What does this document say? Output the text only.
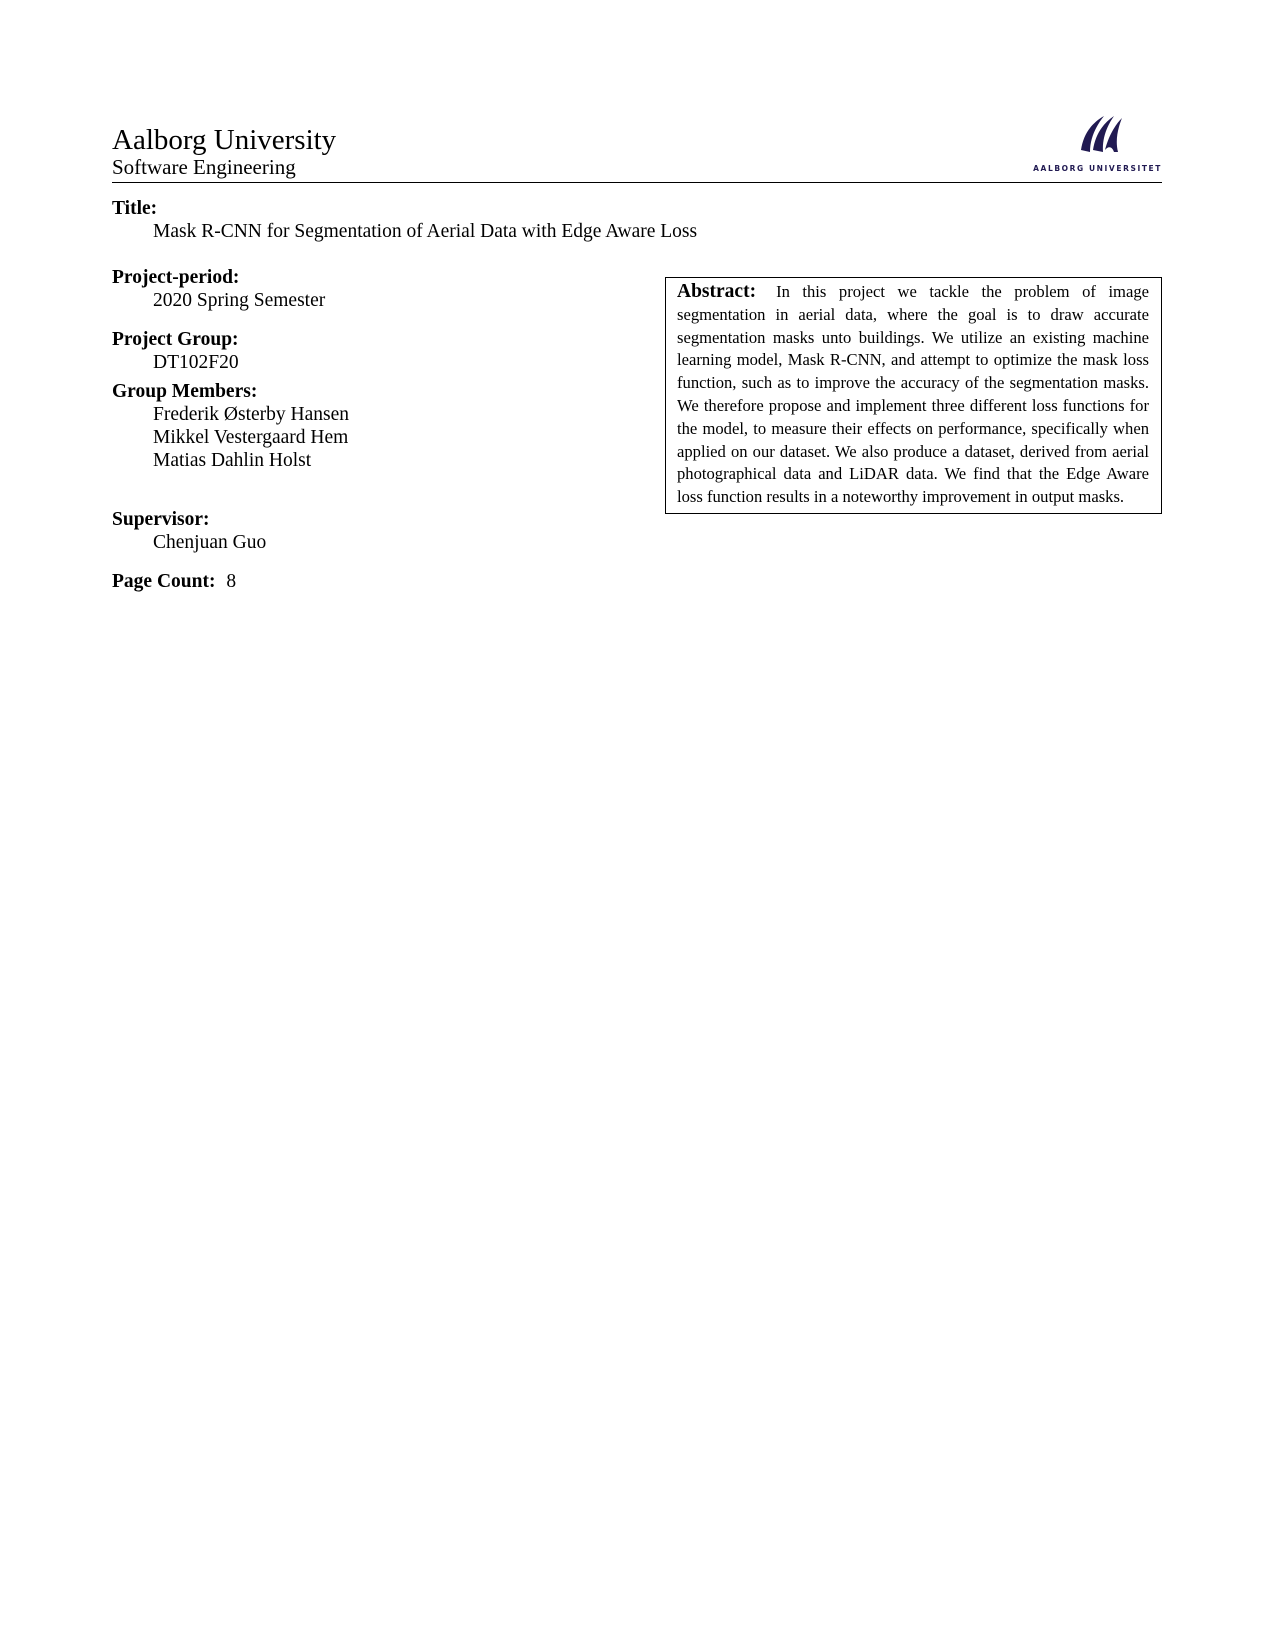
Aalborg University
Software Engineering	AALBORG UNIVERSITET
Title:
Mask R-CNN for Segmentation of Aerial Data with Edge Aware Loss
Project-period:
2020 Spring Semester
Project Group:
DT102F20
Group Members:
Frederik Østerby Hansen
Mikkel Vestergaard Hem
Matias Dahlin Holst
Supervisor:
Chenjuan Guo
Page Count: 8
Abstract: In this project we tackle the problem of image segmentation in aerial data, where the goal is to draw accurate segmentation masks unto buildings. We utilize an existing machine learning model, Mask R-CNN, and attempt to optimize the mask loss function, such as to improve the accuracy of the segmentation masks. We therefore propose and implement three different loss functions for the model, to measure their effects on performance, specifically when applied on our dataset. We also produce a dataset, derived from aerial photographical data and LiDAR data. We find that the Edge Aware loss function results in a noteworthy improvement in output masks.
